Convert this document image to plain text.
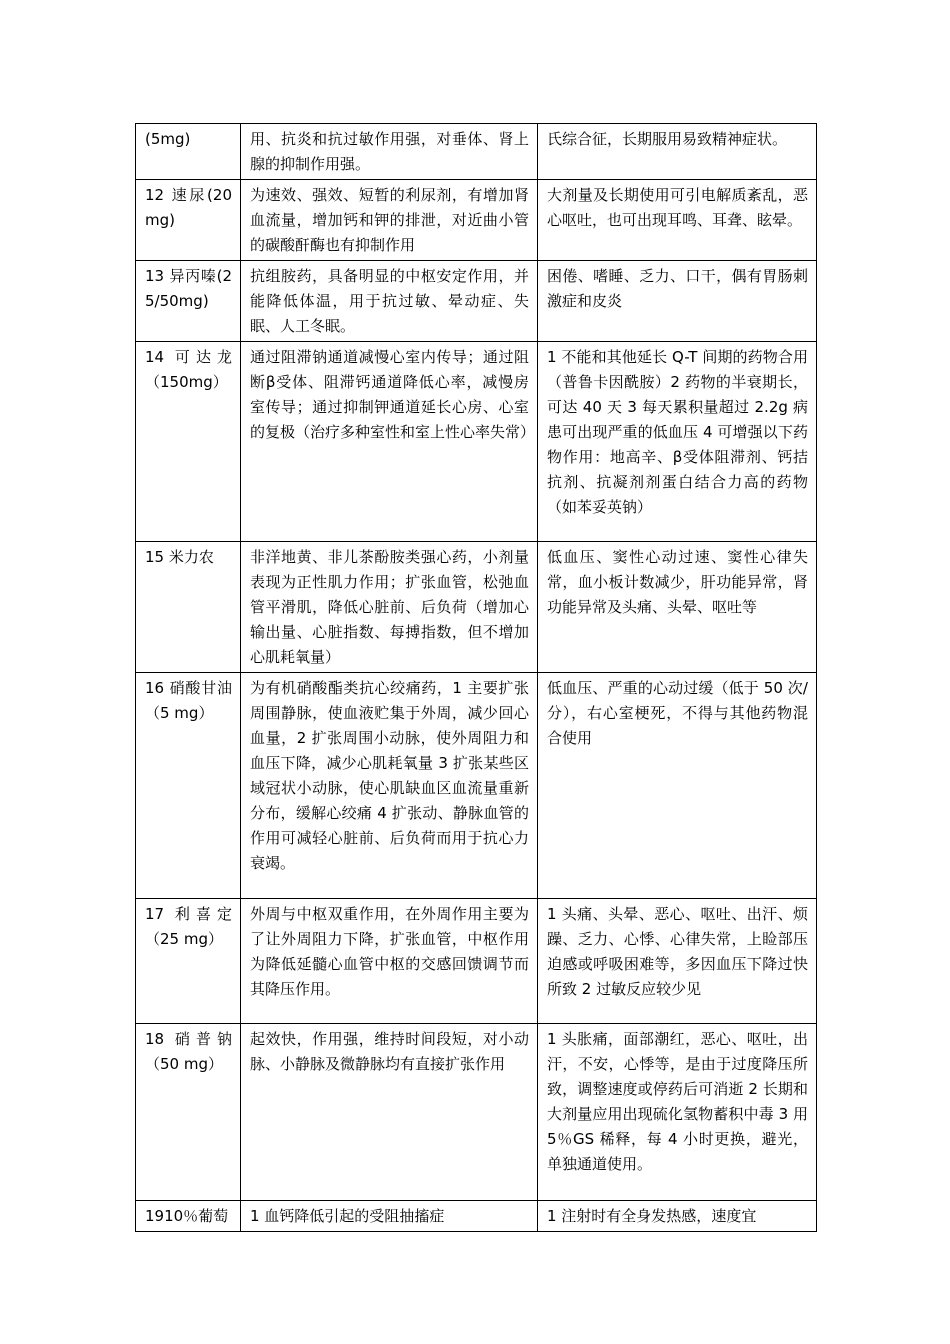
(5mg)	用、抗炎和抗过敏作用强，对垂体、肾上腺的抑制作用强。	氏综合征，长期服用易致精神症状。
12 速尿(20mg)	为速效、强效、短暂的利尿剂，有增加肾血流量，增加钙和钾的排泄，对近曲小管的碳酸酐酶也有抑制作用	大剂量及长期使用可引电解质紊乱，恶心呕吐，也可出现耳鸣、耳聋、眩晕。
13 异丙嗪(25/50mg)	抗组胺药，具备明显的中枢安定作用，并能降低体温，用于抗过敏、晕动症、失眠、人工冬眠。	困倦、嗜睡、乏力、口干，偶有胃肠刺激症和皮炎
14 可达龙（150mg）	通过阻滞钠通道减慢心室内传导；通过阻断β受体、阻滞钙通道降低心率，减慢房室传导；通过抑制钾通道延长心房、心室的复极（治疗多种室性和室上性心率失常）	1 不能和其他延长 Q-T 间期的药物合用（普鲁卡因酰胺）2 药物的半衰期长，可达 40 天 3 每天累积量超过 2.2g 病患可出现严重的低血压 4 可增强以下药物作用：地高辛、β受体阻滞剂、钙拮抗剂、抗凝剂剂蛋白结合力高的药物（如苯妥英钠）
15 米力农	非洋地黄、非儿茶酚胺类强心药，小剂量表现为正性肌力作用；扩张血管，松弛血管平滑肌，降低心脏前、后负荷（增加心输出量、心脏指数、每搏指数，但不增加心肌耗氧量）	低血压、窦性心动过速、窦性心律失常，血小板计数减少，肝功能异常，肾功能异常及头痛、头晕、呕吐等
16 硝酸甘油（5 mg）	为有机硝酸酯类抗心绞痛药，1 主要扩张周围静脉，使血液贮集于外周，减少回心血量，2 扩张周围小动脉，使外周阻力和血压下降，减少心肌耗氧量 3 扩张某些区域冠状小动脉，使心肌缺血区血流量重新分布，缓解心绞痛 4 扩张动、静脉血管的作用可减轻心脏前、后负荷而用于抗心力衰竭。	低血压、严重的心动过缓（低于 50 次/分），右心室梗死，不得与其他药物混合使用
17 利喜定（25 mg）	外周与中枢双重作用，在外周作用主要为了让外周阻力下降，扩张血管，中枢作用为降低延髓心血管中枢的交感回馈调节而其降压作用。	1 头痛、头晕、恶心、呕吐、出汗、烦躁、乏力、心悸、心律失常，上睑部压迫感或呼吸困难等，多因血压下降过快所致 2 过敏反应较少见
18 硝普钠（50 mg）	起效快，作用强，维持时间段短，对小动脉、小静脉及微静脉均有直接扩张作用	1 头胀痛，面部潮红，恶心、呕吐，出汗，不安，心悸等，是由于过度降压所致，调整速度或停药后可消逝 2 长期和大剂量应用出现硫化氢物蓄积中毒 3 用 5％GS 稀释，每 4 小时更换，避光，单独通道使用。
1910％葡萄	1 血钙降低引起的受阻抽搐症	1 注射时有全身发热感，速度宜
